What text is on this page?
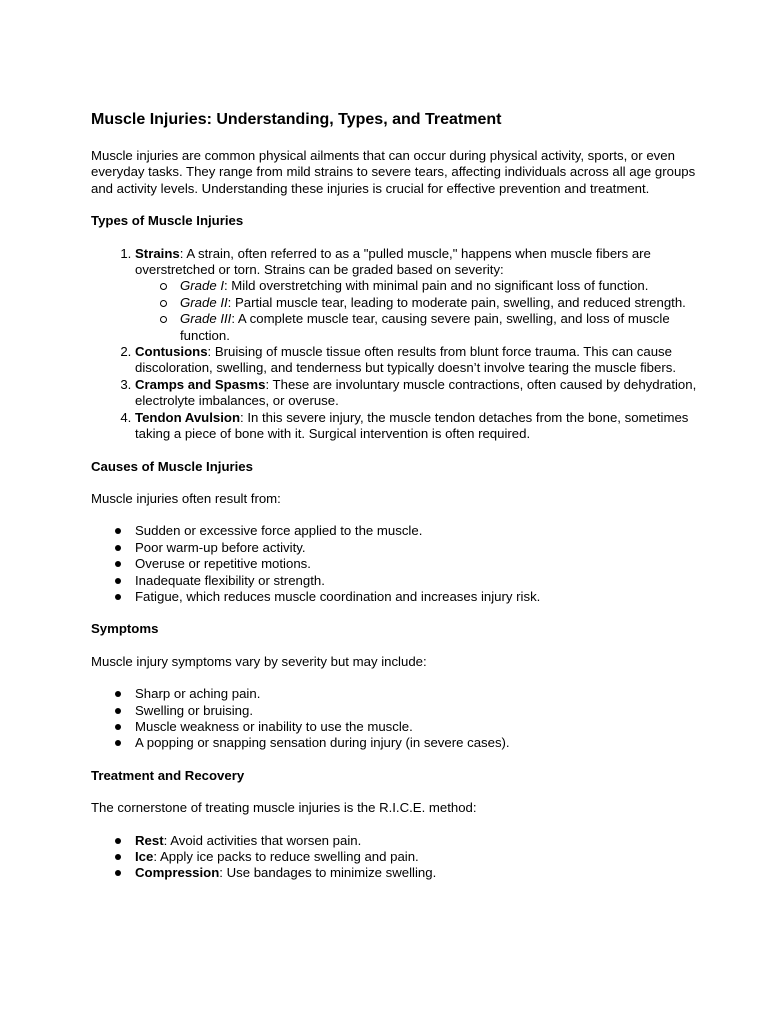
Muscle Injuries: Understanding, Types, and Treatment

Muscle injuries are common physical ailments that can occur during physical activity, sports, or even everyday tasks. They range from mild strains to severe tears, affecting individuals across all age groups and activity levels. Understanding these injuries is crucial for effective prevention and treatment.

Types of Muscle Injuries
1. Strains: A strain, often referred to as a "pulled muscle," happens when muscle fibers are overstretched or torn. Strains can be graded based on severity:
Grade I: Mild overstretching with minimal pain and no significant loss of function.
Grade II: Partial muscle tear, leading to moderate pain, swelling, and reduced strength.
Grade III: A complete muscle tear, causing severe pain, swelling, and loss of muscle function.
2. Contusions: Bruising of muscle tissue often results from blunt force trauma. This can cause discoloration, swelling, and tenderness but typically doesn’t involve tearing the muscle fibers.
3. Cramps and Spasms: These are involuntary muscle contractions, often caused by dehydration, electrolyte imbalances, or overuse.
4. Tendon Avulsion: In this severe injury, the muscle tendon detaches from the bone, sometimes taking a piece of bone with it. Surgical intervention is often required.
Causes of Muscle Injuries

Muscle injuries often result from:

Sudden or excessive force applied to the muscle.
Poor warm-up before activity.
Overuse or repetitive motions.
Inadequate flexibility or strength.
Fatigue, which reduces muscle coordination and increases injury risk.
Symptoms

Muscle injury symptoms vary by severity but may include:

Sharp or aching pain.
Swelling or bruising.
Muscle weakness or inability to use the muscle.
A popping or snapping sensation during injury (in severe cases).
Treatment and Recovery

The cornerstone of treating muscle injuries is the R.I.C.E. method:

Rest: Avoid activities that worsen pain.
Ice: Apply ice packs to reduce swelling and pain.
Compression: Use bandages to minimize swelling.
